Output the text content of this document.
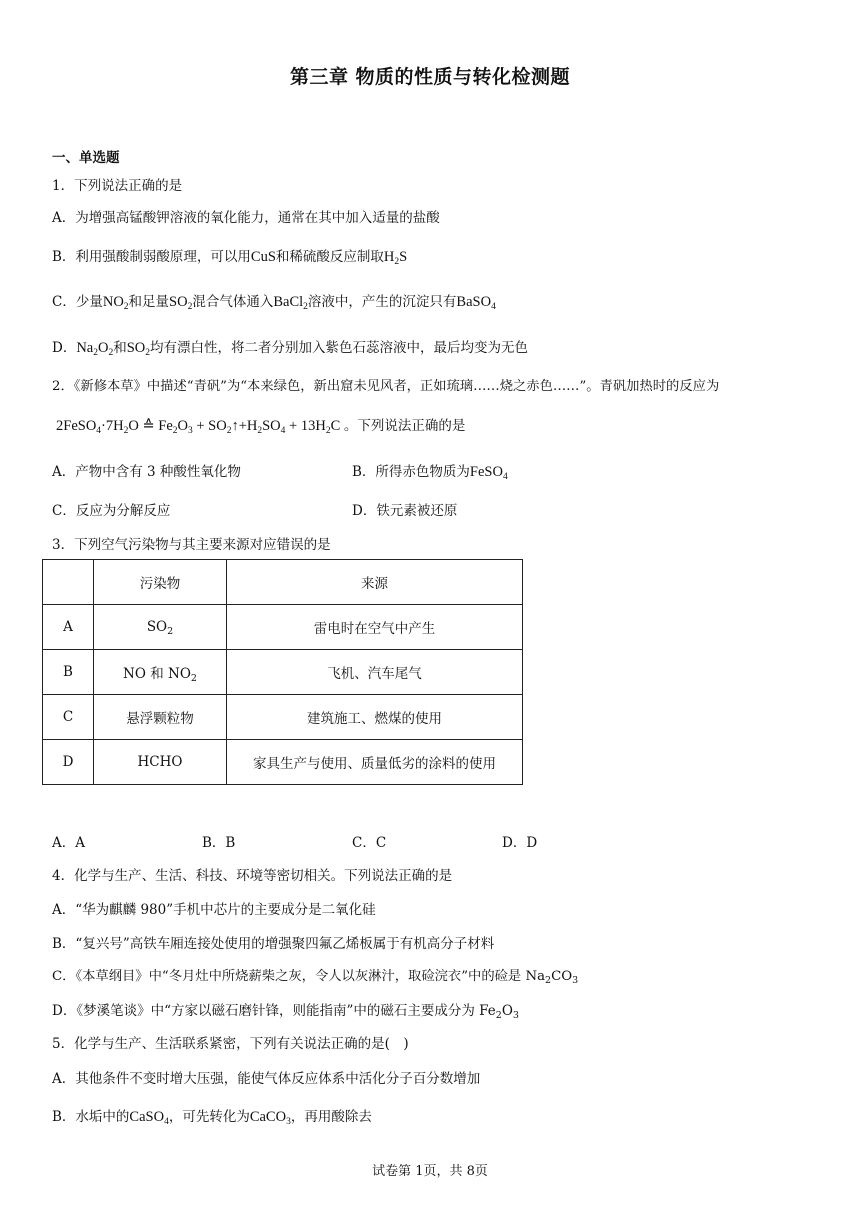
第三章 物质的性质与转化检测题
一、单选题
1．下列说法正确的是
A．为增强高锰酸钾溶液的氧化能力，通常在其中加入适量的盐酸
B．利用强酸制弱酸原理，可以用CuS和稀硫酸反应制取$H_2S$
C．少量$NO_2$和足量$SO_2$混合气体通入BaCl$_2$溶液中，产生的沉淀只有BaSO$_4$
D．$Na_2O_2$和$SO_2$均有漂白性，将二者分别加入紫色石蕊溶液中，最后均变为无色
2．《新修本草》中描述“青矾”为“本来绿色，新出窟未见风者，正如琉璃……烧之赤色……”。青矾加热时的反应为
$2FeSO_4\cdot 7H_2O$ ≙ $Fe_2O_3$ + $SO_2↑+H_2SO_4 + 13H_2C$ 。下列说法正确的是
A．产物中含有 3 种酸性氧化物	B．所得赤色物质为FeSO$_4$
C．反应为分解反应	D．铁元素被还原
3．下列空气污染物与其主要来源对应错误的是
	污染物	来源
A	$SO_2$	雷电时在空气中产生
B	NO 和 $NO_2$	飞机、汽车尾气
C	悬浮颗粒物	建筑施工、燃煤的使用
D	HCHO	家具生产与使用、质量低劣的涂料的使用
A．A	B．B	C．C	D．D
4．化学与生产、生活、科技、环境等密切相关。下列说法正确的是
A．“华为麒麟 980”手机中芯片的主要成分是二氧化硅
B．“复兴号”高铁车厢连接处使用的增强聚四氟乙烯板属于有机高分子材料
C．《本草纲目》中“冬月灶中所烧薪柴之灰，令人以灰淋汁，取硷浣衣”中的硷是 $Na_2CO_3$
D．《梦溪笔谈》中“方家以磁石磨针锋，则能指南”中的磁石主要成分为 $Fe_2O_3$
5．化学与生产、生活联系紧密，下列有关说法正确的是(　)
A．其他条件不变时增大压强，能使气体反应体系中活化分子百分数增加
B．水垢中的CaSO$_4$，可先转化为CaCO$_3$，再用酸除去
试卷第 1页，共 8页
